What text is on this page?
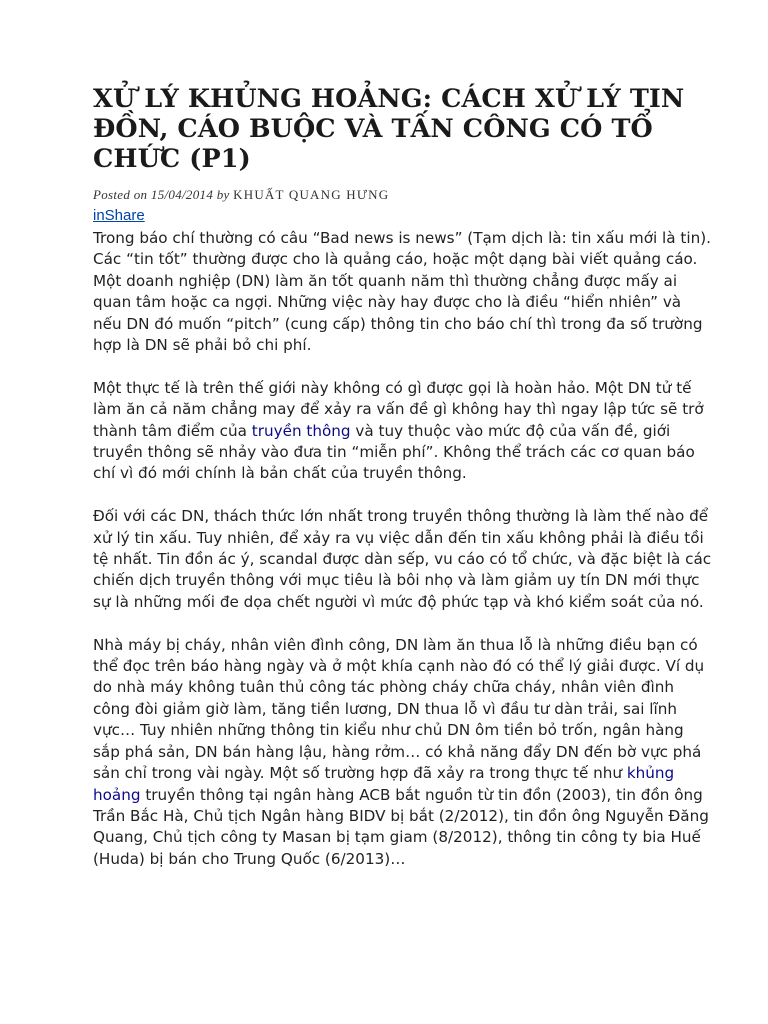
XỬ LÝ KHỦNG HOẢNG: CÁCH XỬ LÝ TIN ĐỒN, CÁO BUỘC VÀ TẤN CÔNG CÓ TỔ CHỨC (P1)
Posted on 15/04/2014 by KHUẤT QUANG HƯNG
inShare

Trong báo chí thường có câu “Bad news is news” (Tạm dịch là: tin xấu mới là tin). Các “tin tốt” thường được cho là quảng cáo, hoặc một dạng bài viết quảng cáo. Một doanh nghiệp (DN) làm ăn tốt quanh năm thì thường chẳng được mấy ai quan tâm hoặc ca ngợi. Những việc này hay được cho là điều “hiển nhiên” và nếu DN đó muốn “pitch” (cung cấp) thông tin cho báo chí thì trong đa số trường hợp là DN sẽ phải bỏ chi phí.

Một thực tế là trên thế giới này không có gì được gọi là hoàn hảo. Một DN tử tế làm ăn cả năm chẳng may để xảy ra vấn đề gì không hay thì ngay lập tức sẽ trở thành tâm điểm của truyền thông và tuy thuộc vào mức độ của vấn đề, giới truyền thông sẽ nhảy vào đưa tin “miễn phí”. Không thể trách các cơ quan báo chí vì đó mới chính là bản chất của truyền thông.

Đối với các DN, thách thức lớn nhất trong truyền thông thường là làm thế nào để xử lý tin xấu. Tuy nhiên, để xảy ra vụ việc dẫn đến tin xấu không phải là điều tồi tệ nhất. Tin đồn ác ý, scandal được dàn sếp, vu cáo có tổ chức, và đặc biệt là các chiến dịch truyền thông với mục tiêu là bôi nhọ và làm giảm uy tín DN mới thực sự là những mối đe dọa chết người vì mức độ phức tạp và khó kiểm soát của nó.

Nhà máy bị cháy, nhân viên đình công, DN làm ăn thua lỗ là những điều bạn có thể đọc trên báo hàng ngày và ở một khía cạnh nào đó có thể lý giải được. Ví dụ do nhà máy không tuân thủ công tác phòng cháy chữa cháy, nhân viên đình công đòi giảm giờ làm, tăng tiền lương, DN thua lỗ vì đầu tư dàn trải, sai lĩnh vực… Tuy nhiên những thông tin kiểu như chủ DN ôm tiền bỏ trốn, ngân hàng sắp phá sản, DN bán hàng lậu, hàng rởm… có khả năng đẩy DN đến bờ vực phá sản chỉ trong vài ngày. Một số trường hợp đã xảy ra trong thực tế như khủng hoảng truyền thông tại ngân hàng ACB bắt nguồn từ tin đồn (2003), tin đồn ông Trần Bắc Hà, Chủ tịch Ngân hàng BIDV bị bắt (2/2012), tin đồn ông Nguyễn Đăng Quang, Chủ tịch công ty Masan bị tạm giam (8/2012), thông tin công ty bia Huế (Huda) bị bán cho Trung Quốc (6/2013)…
